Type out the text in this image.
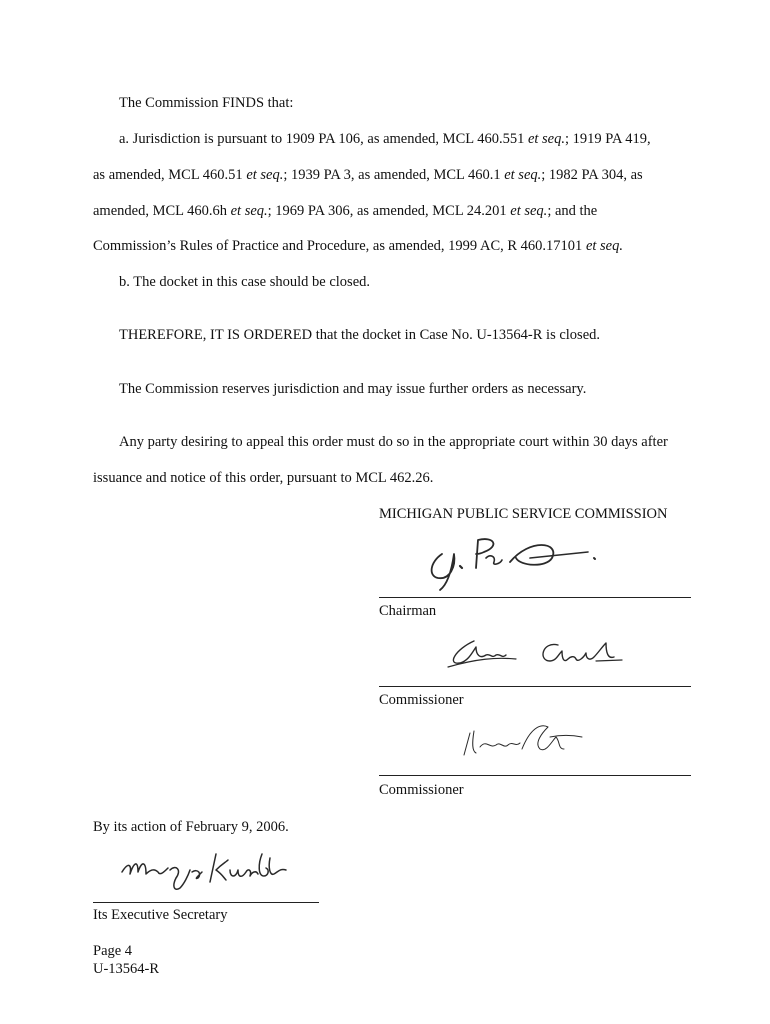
The Commission FINDS that:
a. Jurisdiction is pursuant to 1909 PA 106, as amended, MCL 460.551 et seq.; 1919 PA 419,
as amended, MCL 460.51 et seq.; 1939 PA 3, as amended, MCL 460.1 et seq.; 1982 PA 304, as
amended, MCL 460.6h et seq.; 1969 PA 306, as amended, MCL 24.201 et seq.; and the
Commission’s Rules of Practice and Procedure, as amended, 1999 AC, R 460.17101 et seq.
b. The docket in this case should be closed.
THEREFORE, IT IS ORDERED that the docket in Case No. U-13564-R is closed.
The Commission reserves jurisdiction and may issue further orders as necessary.
Any party desiring to appeal this order must do so in the appropriate court within 30 days after
issuance and notice of this order, pursuant to MCL 462.26.
MICHIGAN PUBLIC SERVICE COMMISSION
Chairman
Commissioner
Commissioner
By its action of February 9, 2006.
Its Executive Secretary
Page 4
U-13564-R
